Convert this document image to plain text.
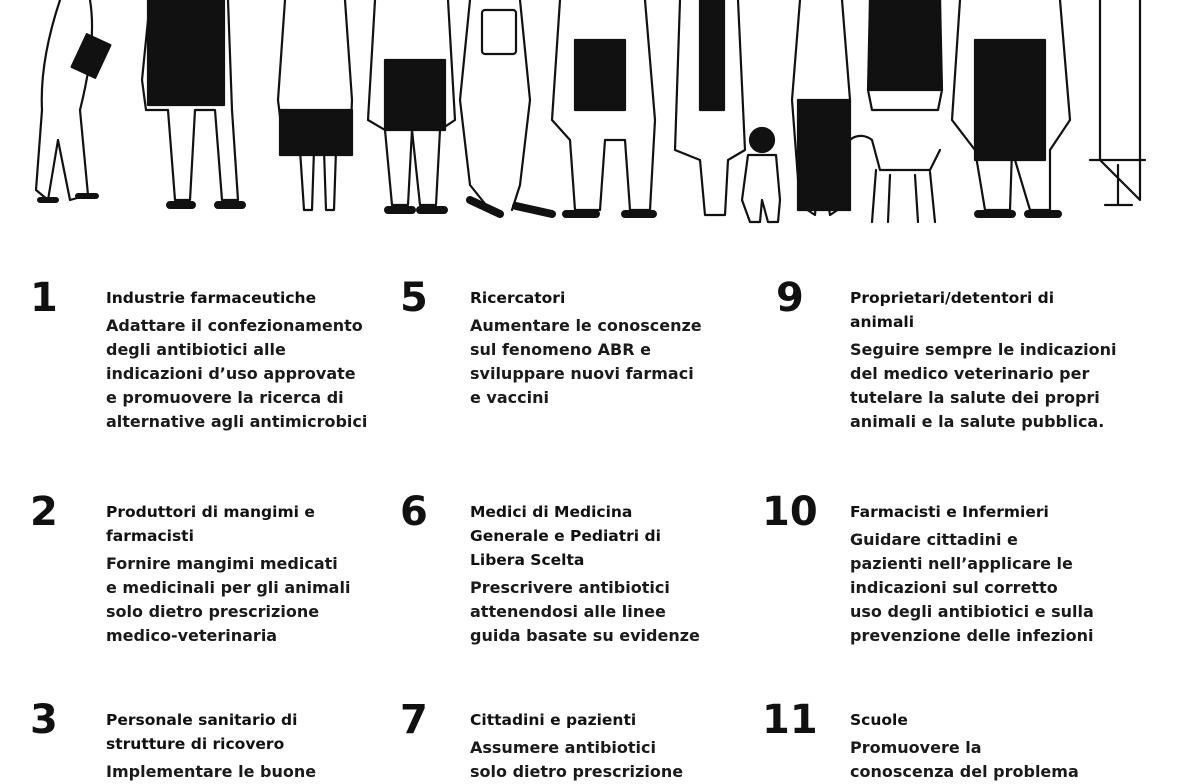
1	Industrie farmaceutiche
Adattare il confezionamento
degli antibiotici alle
indicazioni d’uso approvate
e promuovere la ricerca di
alternative agli antimicrobici
2	Produttori di mangimi e
farmacisti
Fornire mangimi medicati
e medicinali per gli animali
solo dietro prescrizione
medico-veterinaria
3	Personale sanitario di
strutture di ricovero
Implementare le buone
5	Ricercatori
Aumentare le conoscenze
sul fenomeno ABR e
sviluppare nuovi farmaci
e vaccini
6	Medici di Medicina
Generale e Pediatri di
Libera Scelta
Prescrivere antibiotici
attenendosi alle linee
guida basate su evidenze
7	Cittadini e pazienti
Assumere antibiotici
solo dietro prescrizione
9	Proprietari/detentori di
animali
Seguire sempre le indicazioni
del medico veterinario per
tutelare la salute dei propri
animali e la salute pubblica.
10 Farmacisti e Infermieri
Guidare cittadini e
pazienti nell’applicare le
indicazioni sul corretto
uso degli antibiotici e sulla
prevenzione delle infezioni
11 Scuole
Promuovere la
conoscenza del problema
